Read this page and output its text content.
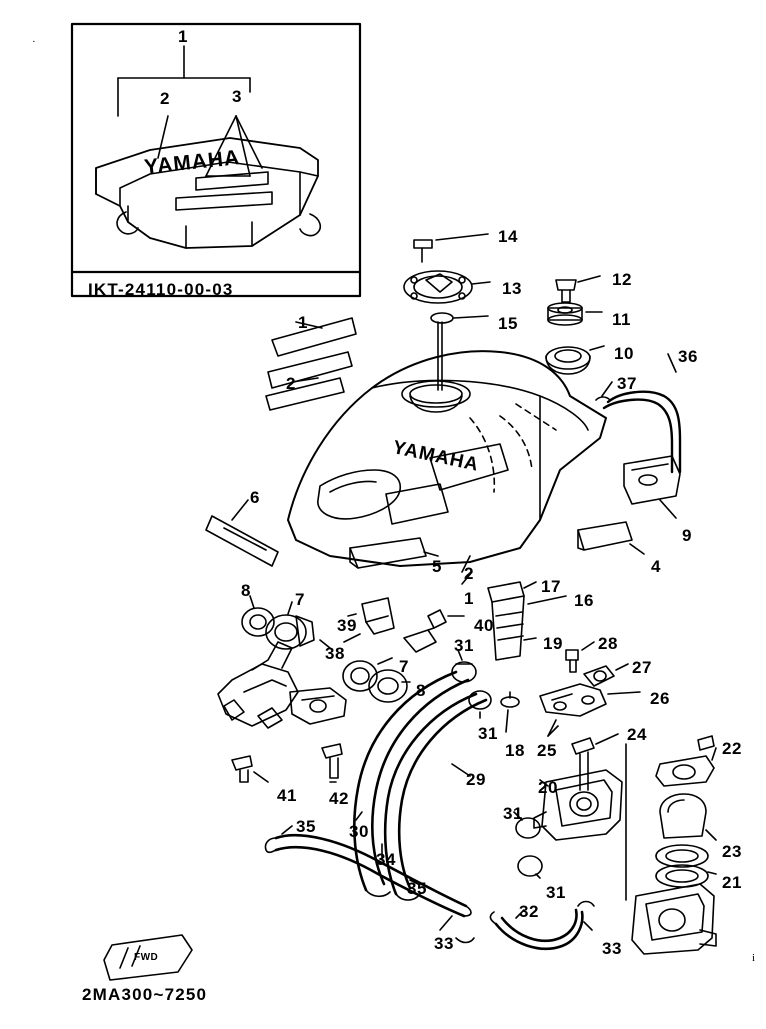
1
2	3
YAMAHA
IKT-24110-00-03
YAMAHA
14
13	12
11
15
10	36
37
1
2
9
4
6
8	7
5 2
1
17
16
39
38
40
31	19 28
27
26
7
8
31
18 25
24
22
23
21
20
41 42
29
30
35
31
34
35	31
32
33	33
FWD
2MA300~7250
i
·
